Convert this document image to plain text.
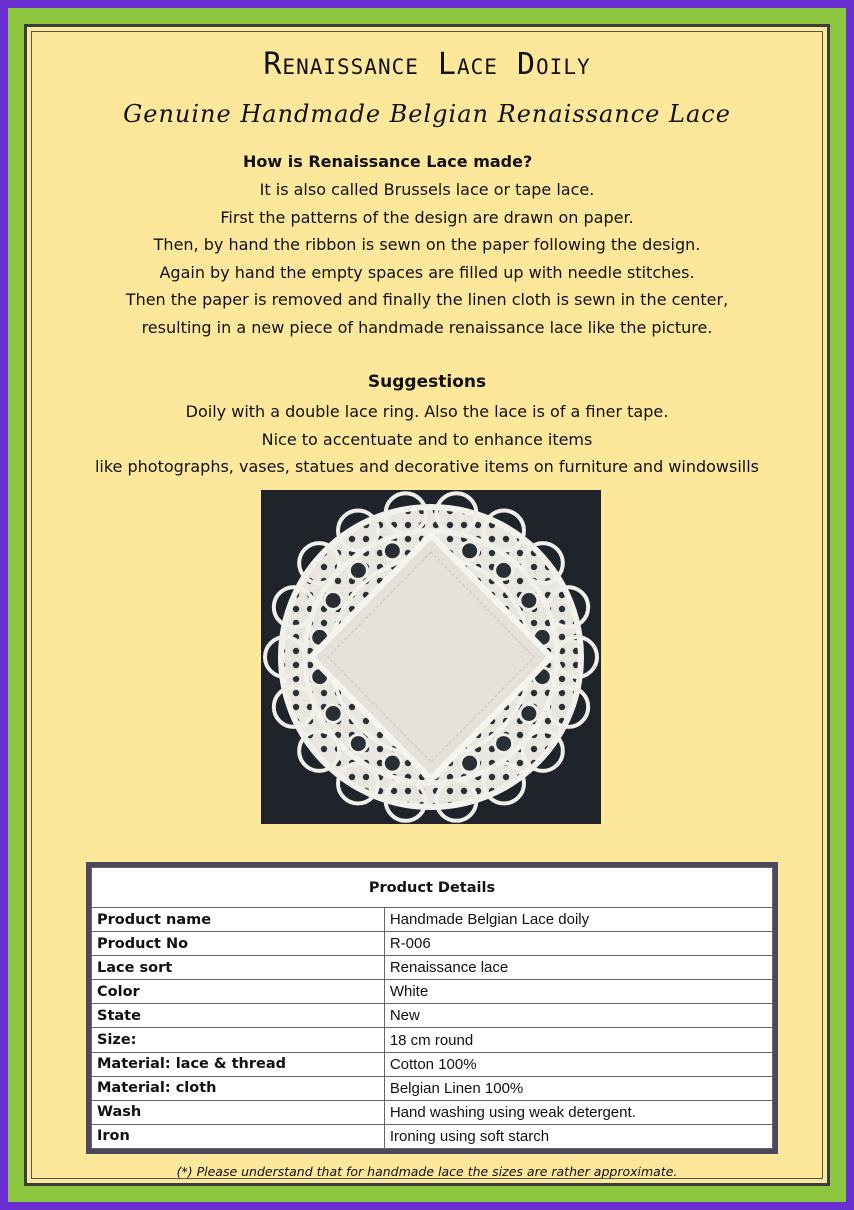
Renaissance Lace Doily
Genuine Handmade Belgian Renaissance Lace
How is Renaissance Lace made?
It is also called Brussels lace or tape lace.
First the patterns of the design are drawn on paper.
Then, by hand the ribbon is sewn on the paper following the design.
Again by hand the empty spaces are filled up with needle stitches.
Then the paper is removed and finally the linen cloth is sewn in the center,
resulting in a new piece of handmade renaissance lace like the picture.
Suggestions
Doily with a double lace ring. Also the lace is of a finer tape.
Nice to accentuate and to enhance items
like photographs, vases, statues and decorative items on furniture and windowsills
Product Details	
Product name	Handmade Belgian Lace doily
Product No	R-006
Lace sort	Renaissance lace
Color	White
State	New
Size:	18 cm round
Material: lace & thread	Cotton 100%
Material: cloth	Belgian Linen 100%
Wash	Hand washing using weak detergent.
Iron	Ironing using soft starch
(*) Please understand that for handmade lace the sizes are rather approximate.
